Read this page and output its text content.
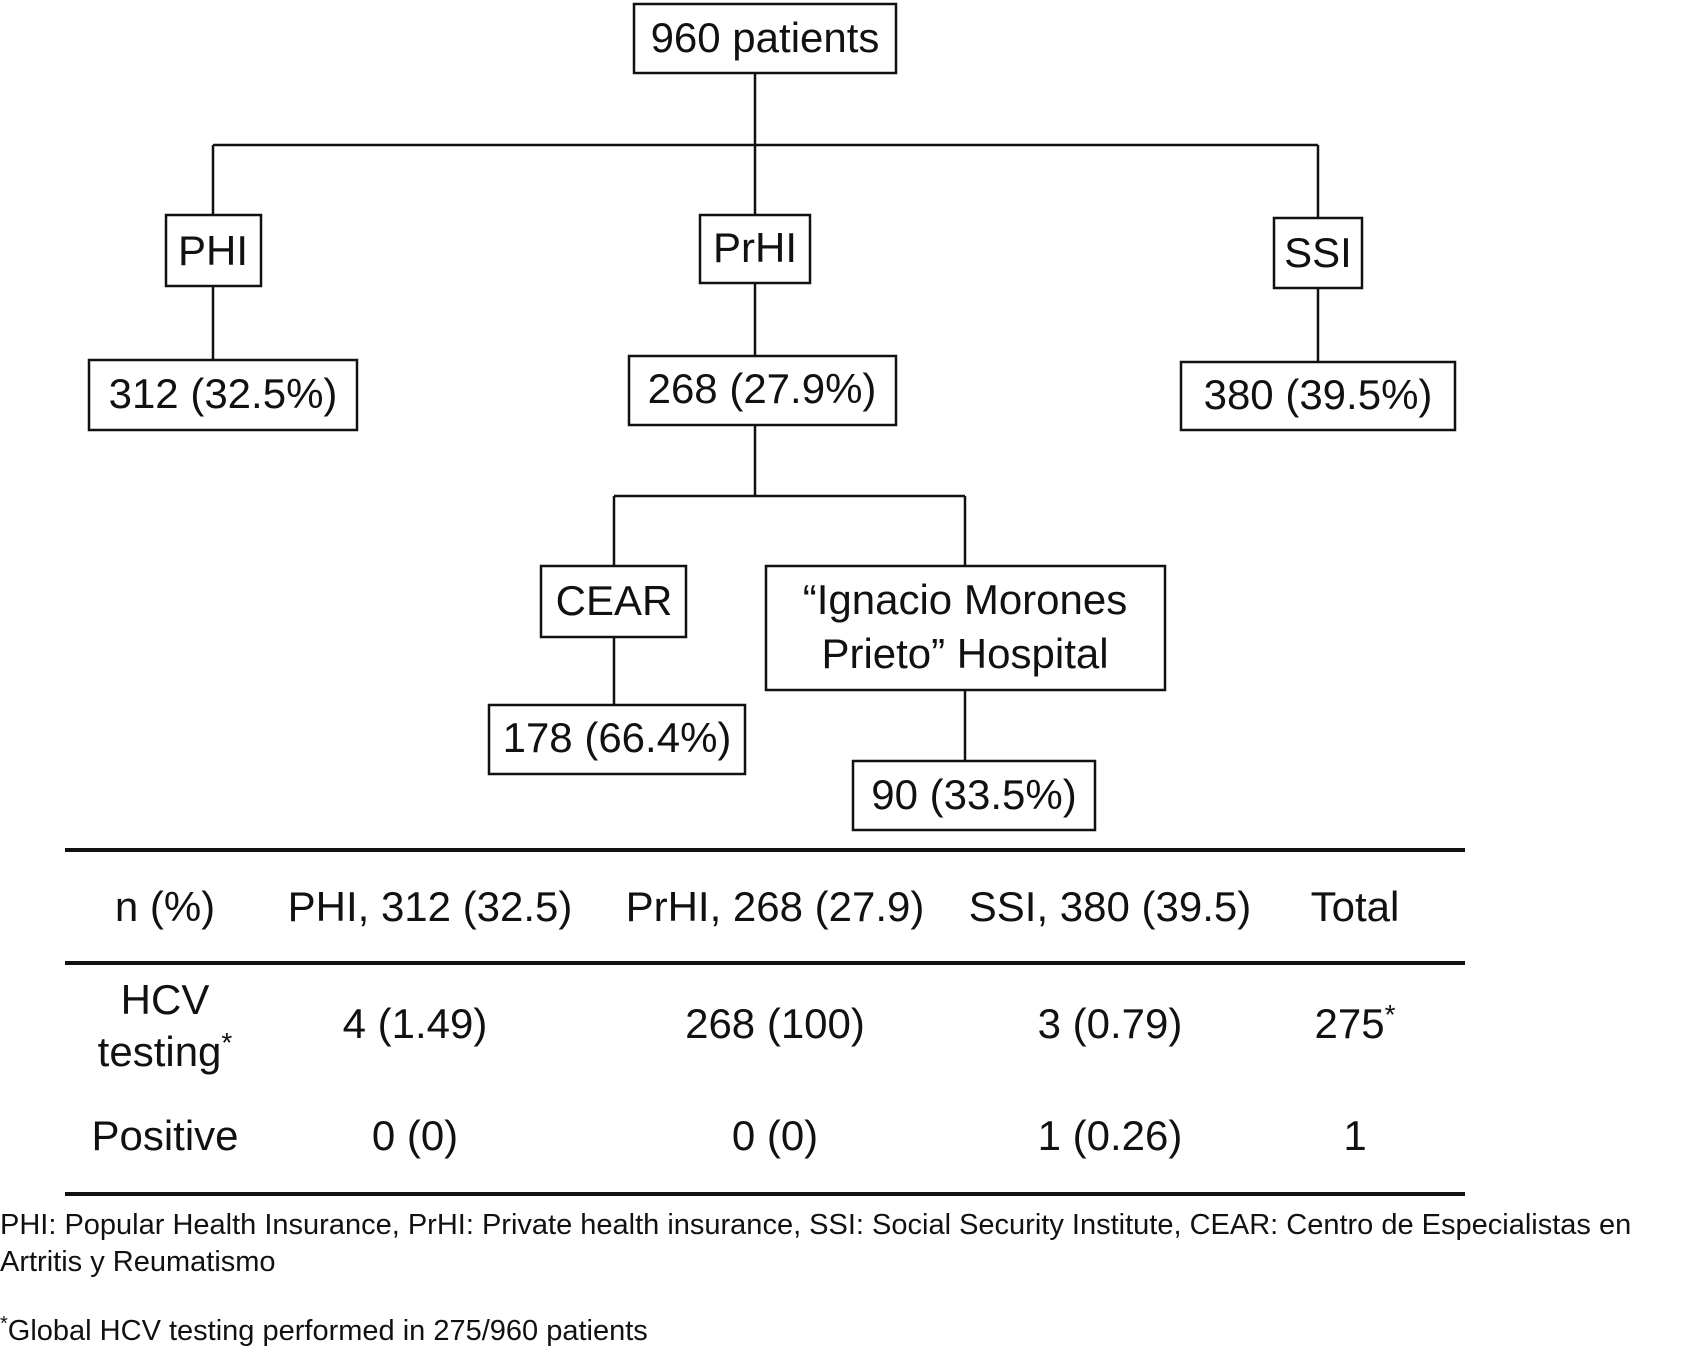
960 patients
PHI	PrHI	SSI
312 (32.5%)	268 (27.9%)	380 (39.5%)
CEAR	“Ignacio Morones
Prieto” Hospital
178 (66.4%)
90 (33.5%)
n (%)	PHI, 312 (32.5)	PrHI, 268 (27.9)	SSI, 380 (39.5)	Total
HCV
testing*	4 (1.49)	268 (100)	3 (0.79)	275*
Positive	0 (0)	0 (0)	1 (0.26)	1

PHI: Popular Health Insurance, PrHI: Private health insurance, SSI: Social Security Institute, CEAR: Centro de Especialistas en Artritis y Reumatismo

*Global HCV testing performed in 275/960 patients
